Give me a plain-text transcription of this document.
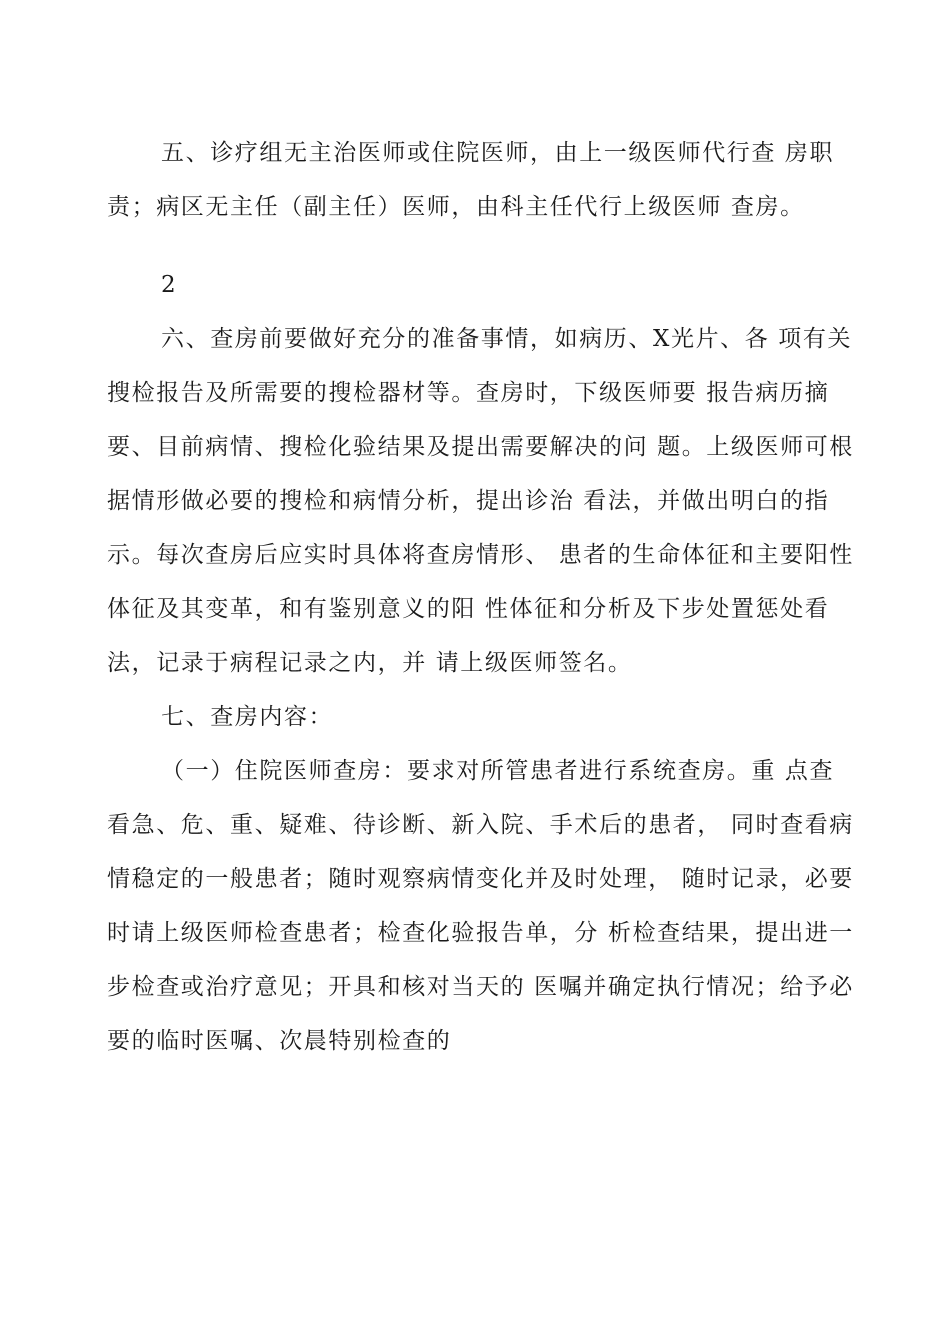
五、诊疗组无主治医师或住院医师，由上一级医师代行查 房职
责；病区无主任（副主任）医师，由科主任代行上级医师 查房。
2
六、查房前要做好充分的准备事情，如病历、X光片、各 项有关
搜检报告及所需要的搜检器材等。查房时，下级医师要 报告病历摘
要、目前病情、搜检化验结果及提出需要解决的问 题。上级医师可根
据情形做必要的搜检和病情分析，提出诊治 看法，并做出明白的指
示。每次查房后应实时具体将查房情形、 患者的生命体征和主要阳性
体征及其变革，和有鉴别意义的阳 性体征和分析及下步处置惩处看
法，记录于病程记录之内，并 请上级医师签名。
七、查房内容：
（一）住院医师查房：要求对所管患者进行系统查房。重 点查
看急、危、重、疑难、待诊断、新入院、手术后的患者， 同时查看病
情稳定的一般患者；随时观察病情变化并及时处理， 随时记录，必要
时请上级医师检查患者；检查化验报告单，分 析检查结果，提出进一
步检查或治疗意见；开具和核对当天的 医嘱并确定执行情况；给予必
要的临时医嘱、次晨特别检查的
